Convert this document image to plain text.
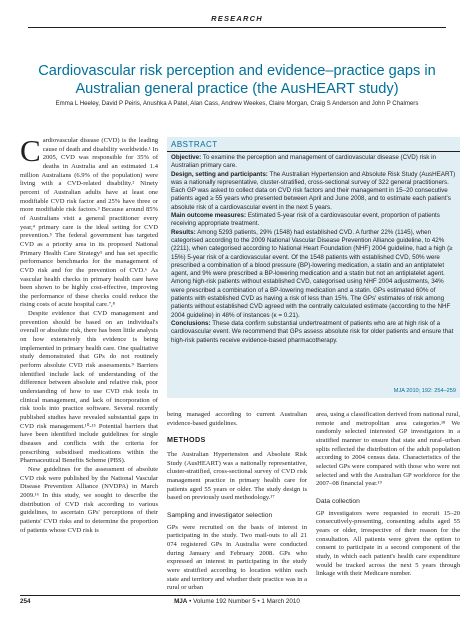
RESEARCH
Cardiovascular risk perception and evidence–practice gaps in Australian general practice (the AusHEART study)
Emma L Heeley, David P Peiris, Anushka A Patel, Alan Cass, Andrew Weekes, Claire Morgan, Craig S Anderson and John P Chalmers

Cardiovascular disease (CVD) is the leading cause of death and disability worldwide.¹ In 2005, CVD was responsible for 35% of deaths in Australia and an estimated 1.4 million Australians (6.9% of the population) were living with a CVD-related disability.² Ninety percent of Australian adults have at least one modifiable CVD risk factor and 25% have three or more modifiable risk factors.³ Because around 85% of Australians visit a general practitioner every year,⁴ primary care is the ideal setting for CVD prevention.⁵ The federal government has targeted CVD as a priority area in its proposed National Primary Health Care Strategy⁵ and has set specific performance benchmarks for the management of CVD risk and for the prevention of CVD.⁶ As vascular health checks in primary health care have been shown to be highly cost-effective, improving the performance of these checks could reduce the rising costs of acute hospital care.⁷,⁸

Despite evidence that CVD management and prevention should be based on an individual's overall or absolute risk, there has been little analysis on how extensively this evidence is being implemented in primary health care. One qualitative study demonstrated that GPs do not routinely perform absolute CVD risk assessments.⁹ Barriers identified include lack of understanding of the difference between absolute and relative risk, poor understanding of how to use CVD risk tools in clinical management, and lack of incorporation of risk tools into practice software. Several recently published studies have revealed substantial gaps in CVD risk management.¹⁰-¹⁵ Potential barriers that have been identified include guidelines for single diseases and conflicts with the criteria for prescribing subsidised medications within the Pharmaceutical Benefits Scheme (PBS).

New guidelines for the assessment of absolute CVD risk were published by the National Vascular Disease Prevention Alliance (NVDPA) in March 2009.¹⁶ In this study, we sought to describe the distribution of CVD risk according to various guidelines, to ascertain GPs' perceptions of their patients' CVD risks and to determine the proportion of patients whose CVD risk is

ABSTRACT

Objective: To examine the perception and management of cardiovascular disease (CVD) risk in Australian primary care.

Design, setting and participants: The Australian Hypertension and Absolute Risk Study (AusHEART) was a nationally representative, cluster-stratified, cross-sectional survey of 322 general practitioners. Each GP was asked to collect data on CVD risk factors and their management in 15–20 consecutive patients aged ≥ 55 years who presented between April and June 2008, and to estimate each patient's absolute risk of a cardiovascular event in the next 5 years.

Main outcome measures: Estimated 5-year risk of a cardiovascular event, proportion of patients receiving appropriate treatment.

Results: Among 5293 patients, 29% (1548) had established CVD. A further 22% (1145), when categorised according to the 2009 National Vascular Disease Prevention Alliance guideline, to 42% (2211), when categorised according to National Heart Foundation (NHF) 2004 guideline, had a high (≥ 15%) 5-year risk of a cardiovascular event. Of the 1548 patients with established CVD, 50% were prescribed a combination of a blood pressure (BP)-lowering medication, a statin and an antiplatelet agent, and 9% were prescribed a BP-lowering medication and a statin but not an antiplatelet agent. Among high-risk patients without established CVD, categorised using NHF 2004 adjustments, 34% were prescribed a combination of a BP-lowering medication and a statin. GPs estimated 60% of patients with established CVD as having a risk of less than 15%. The GPs' estimates of risk among patients without established CVD agreed with the centrally calculated estimate (according to the NHF 2004 guideline) in 48% of instances (κ = 0.21).

Conclusions: These data confirm substantial undertreatment of patients who are at high risk of a cardiovascular event. We recommend that GPs assess absolute risk for older patients and ensure that high-risk patients receive evidence-based pharmacotherapy.

MJA 2010; 192: 254–259

being managed according to current Australian evidence-based guidelines.

METHODS

The Australian Hypertension and Absolute Risk Study (AusHEART) was a nationally representative, cluster-stratified, cross-sectional survey of CVD risk management practice in primary health care for patients aged 55 years or older. The study design is based on previously used methodology.¹⁷

Sampling and investigator selection

GPs were recruited on the basis of interest in participating in the study. Two mail-outs to all 21 074 registered GPs in Australia were conducted during January and February 2008. GPs who expressed an interest in participating in the study were stratified according to location within each state and territory and whether their practice was in a rural or urban

area, using a classification derived from national rural, remote and metropolitan area categories.¹⁸ We randomly selected interested GP investigators in a stratified manner to ensure that state and rural–urban splits reflected the distribution of the adult population according to 2004 census data. Characteristics of the selected GPs were compared with those who were not selected and with the Australian GP workforce for the 2007–08 financial year.¹⁹

Data collection

GP investigators were requested to recruit 15–20 consecutively-presenting, consenting adults aged 55 years or older, irrespective of their reason for the consultation. All patients were given the option to consent to participate in a second component of the study, in which each patient's health care expenditure would be tracked across the next 5 years through linkage with their Medicare number.

254	MJA • Volume 192 Number 5 • 1 March 2010
